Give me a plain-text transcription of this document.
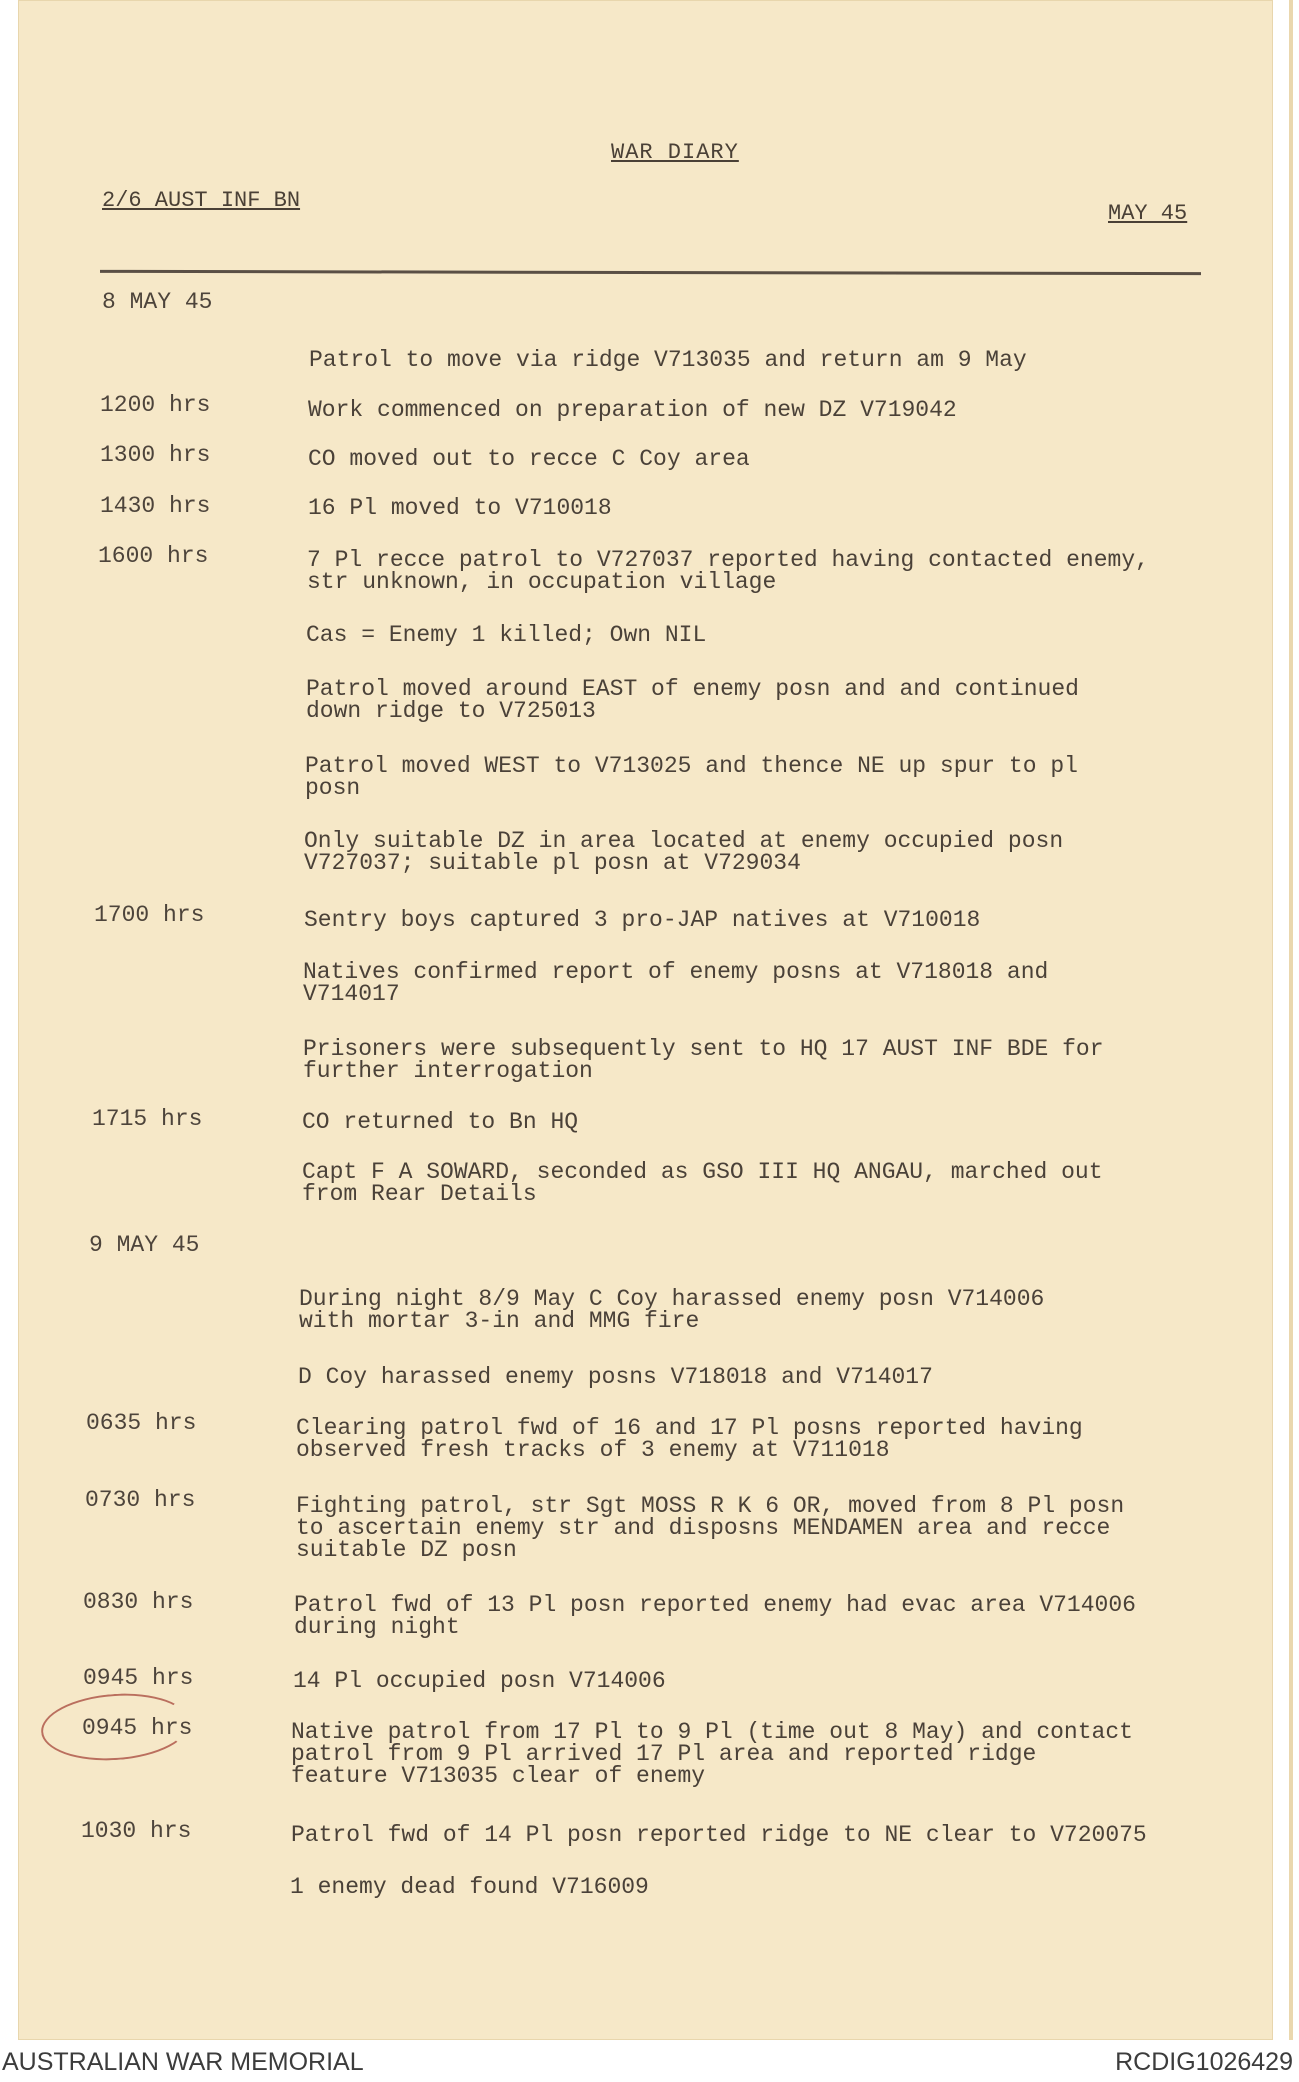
WAR DIARY
2/6 AUST INF BN
MAY 45
8 MAY 45
Patrol to move via ridge V713035 and return am 9 May
1200 hrs	Work commenced on preparation of new DZ V719042
1300 hrs	CO moved out to recce C Coy area
1430 hrs	16 Pl moved to V710018
1600 hrs	7 Pl recce patrol to V727037 reported having contacted enemy,
str unknown, in occupation village
Cas = Enemy 1 killed; Own NIL
Patrol moved around EAST of enemy posn and and continued
down ridge to V725013
Patrol moved WEST to V713025 and thence NE up spur to pl
posn
Only suitable DZ in area located at enemy occupied posn
V727037; suitable pl posn at V729034
1700 hrs	Sentry boys captured 3 pro-JAP natives at V710018
Natives confirmed report of enemy posns at V718018 and
V714017
Prisoners were subsequently sent to HQ 17 AUST INF BDE for
further interrogation
1715 hrs	CO returned to Bn HQ
Capt F A SOWARD, seconded as GSO III HQ ANGAU, marched out
from Rear Details
9 MAY 45
During night 8/9 May C Coy harassed enemy posn V714006
with mortar 3-in and MMG fire
D Coy harassed enemy posns V718018 and V714017
0635 hrs	Clearing patrol fwd of 16 and 17 Pl posns reported having
observed fresh tracks of 3 enemy at V711018
0730 hrs	Fighting patrol, str Sgt MOSS R K 6 OR, moved from 8 Pl posn
to ascertain enemy str and disposns MENDAMEN area and recce
suitable DZ posn
0830 hrs	Patrol fwd of 13 Pl posn reported enemy had evac area V714006
during night
0945 hrs	14 Pl occupied posn V714006
0945 hrs	Native patrol from 17 Pl to 9 Pl (time out 8 May) and contact
patrol from 9 Pl arrived 17 Pl area and reported ridge
feature V713035 clear of enemy
1030 hrs	Patrol fwd of 14 Pl posn reported ridge to NE clear to V720075
1 enemy dead found V716009
AUSTRALIAN WAR MEMORIAL	RCDIG1026429
